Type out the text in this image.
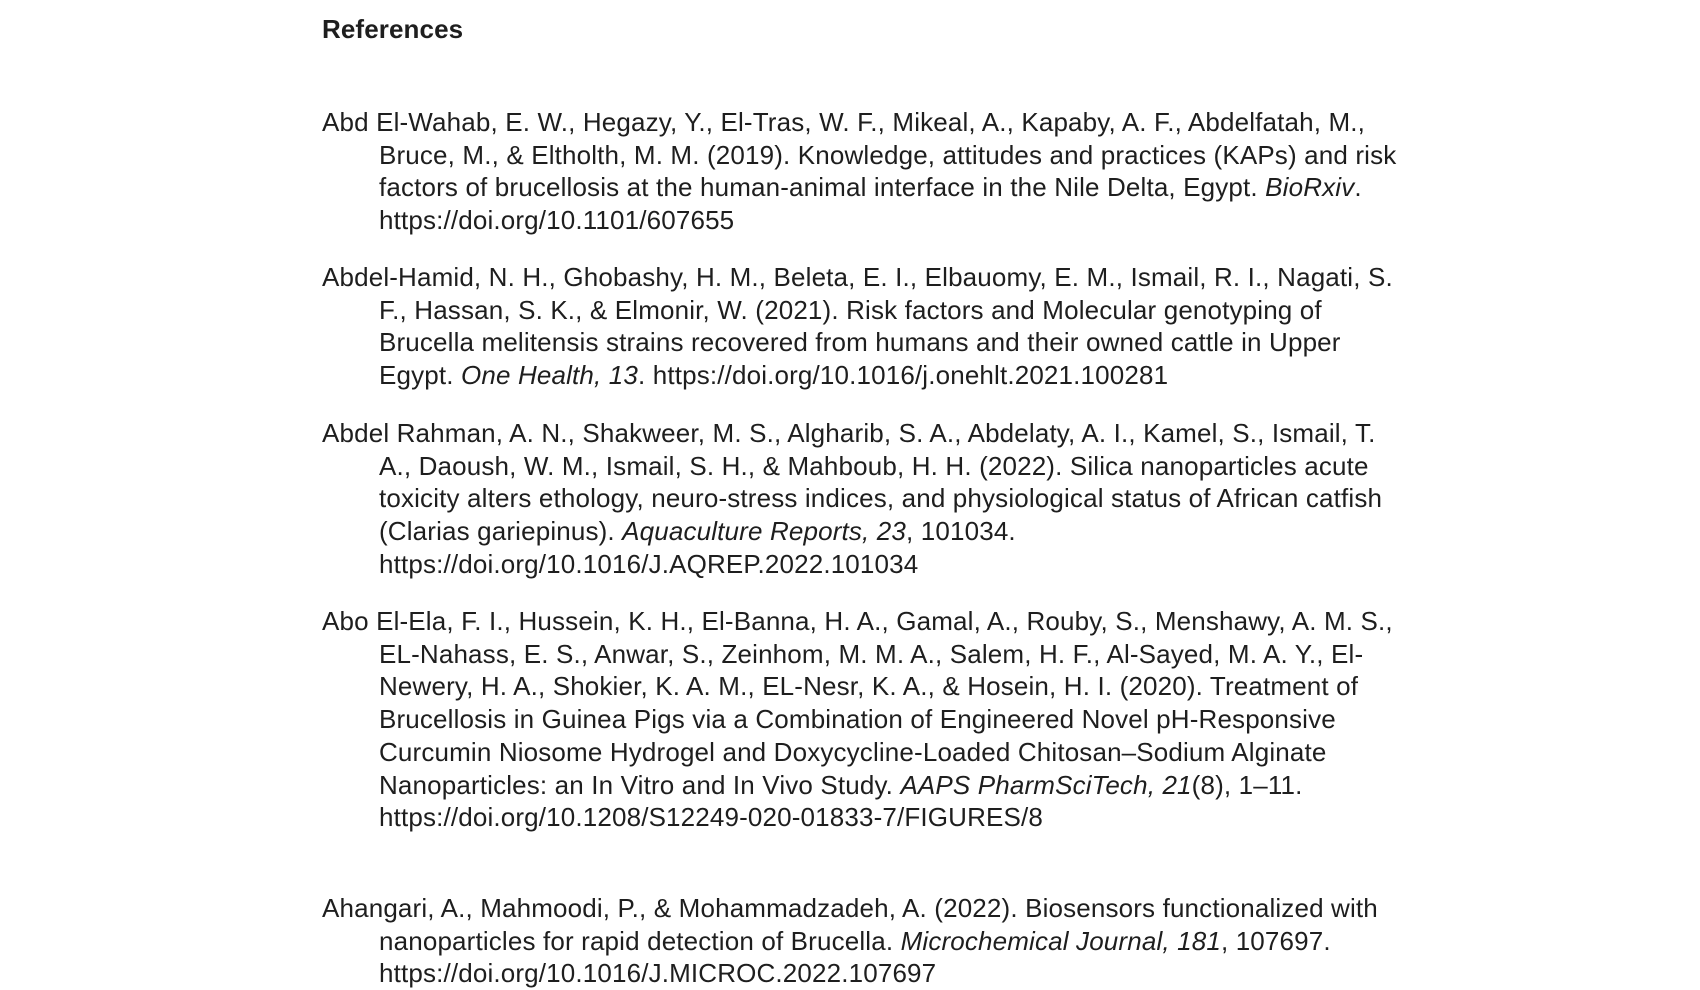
References
Abd El-Wahab, E. W., Hegazy, Y., El-Tras, W. F., Mikeal, A., Kapaby, A. F., Abdelfatah, M., Bruce, M., & Eltholth, M. M. (2019). Knowledge, attitudes and practices (KAPs) and risk factors of brucellosis at the human-animal interface in the Nile Delta, Egypt. BioRxiv. https://doi.org/10.1101/607655
Abdel-Hamid, N. H., Ghobashy, H. M., Beleta, E. I., Elbauomy, E. M., Ismail, R. I., Nagati, S. F., Hassan, S. K., & Elmonir, W. (2021). Risk factors and Molecular genotyping of Brucella melitensis strains recovered from humans and their owned cattle in Upper Egypt. One Health, 13. https://doi.org/10.1016/j.onehlt.2021.100281
Abdel Rahman, A. N., Shakweer, M. S., Algharib, S. A., Abdelaty, A. I., Kamel, S., Ismail, T. A., Daoush, W. M., Ismail, S. H., & Mahboub, H. H. (2022). Silica nanoparticles acute toxicity alters ethology, neuro-stress indices, and physiological status of African catfish (Clarias gariepinus). Aquaculture Reports, 23, 101034. https://doi.org/10.1016/J.AQREP.2022.101034
Abo El-Ela, F. I., Hussein, K. H., El-Banna, H. A., Gamal, A., Rouby, S., Menshawy, A. M. S., EL-Nahass, E. S., Anwar, S., Zeinhom, M. M. A., Salem, H. F., Al-Sayed, M. A. Y., El-Newery, H. A., Shokier, K. A. M., EL-Nesr, K. A., & Hosein, H. I. (2020). Treatment of Brucellosis in Guinea Pigs via a Combination of Engineered Novel pH-Responsive Curcumin Niosome Hydrogel and Doxycycline-Loaded Chitosan–Sodium Alginate Nanoparticles: an In Vitro and In Vivo Study. AAPS PharmSciTech, 21(8), 1–11. https://doi.org/10.1208/S12249-020-01833-7/FIGURES/8
Ahangari, A., Mahmoodi, P., & Mohammadzadeh, A. (2022). Biosensors functionalized with nanoparticles for rapid detection of Brucella. Microchemical Journal, 181, 107697. https://doi.org/10.1016/J.MICROC.2022.107697
